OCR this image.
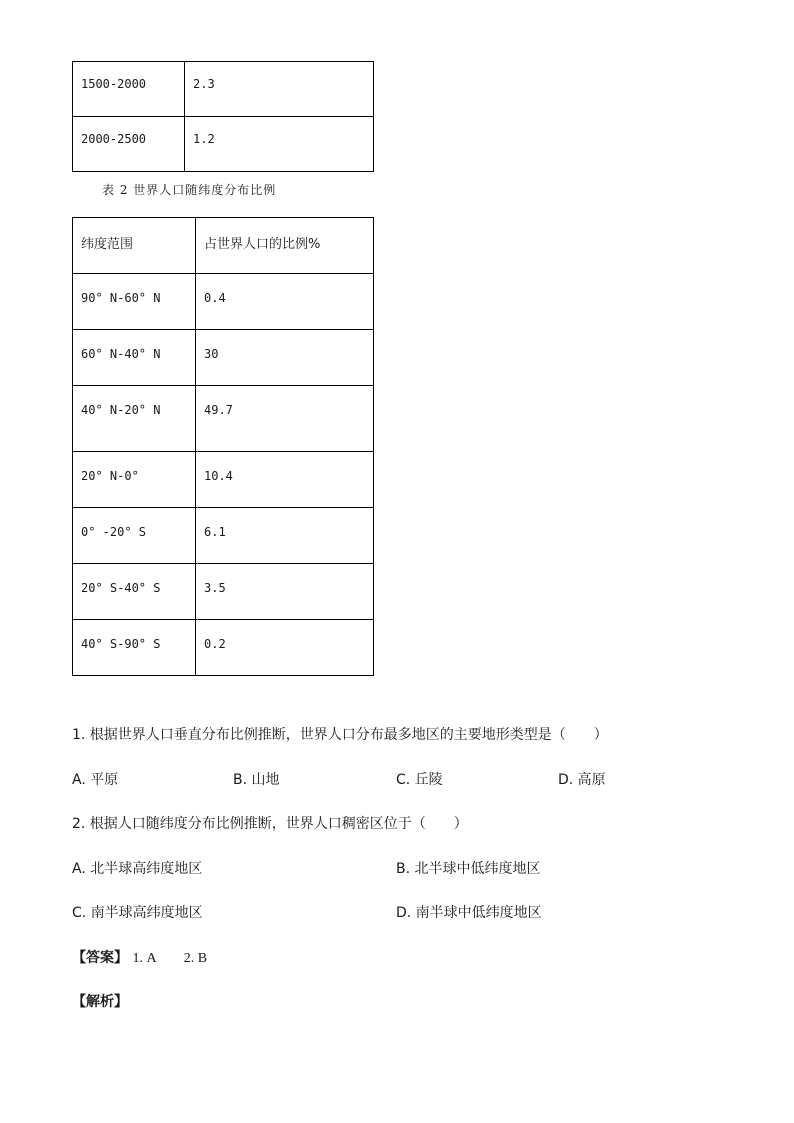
1500-2000	2.3
2000-2500	1.2
表 2 世界人口随纬度分布比例
纬度范围	占世界人口的比例%
90° N-60° N	0.4
60° N-40° N	30
40° N-20° N	49.7
20° N-0°	10.4
0° -20° S	6.1
20° S-40° S	3.5
40° S-90° S	0.2
1. 根据世界人口垂直分布比例推断，世界人口分布最多地区的主要地形类型是（　　）
A. 平原	B. 山地	C. 丘陵	D. 高原
2. 根据人口随纬度分布比例推断，世界人口稠密区位于（　　）
A. 北半球高纬度地区	B. 北半球中低纬度地区
C. 南半球高纬度地区	D. 南半球中低纬度地区
【答案】 1. A　　2. B
【解析】
